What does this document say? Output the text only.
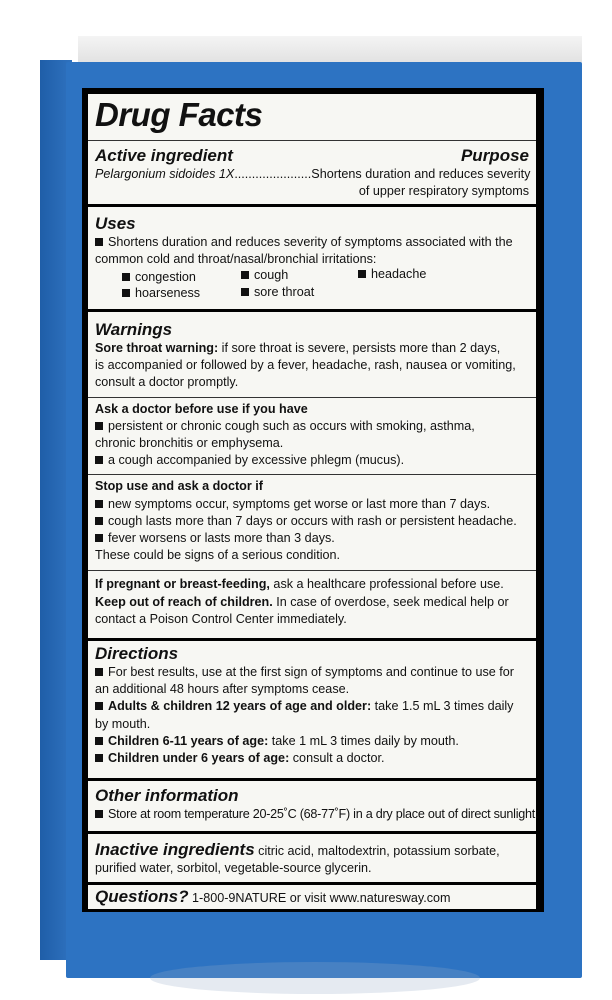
Drug Facts
Active ingredient	Purpose
Pelargonium sidoides 1X......................Shortens duration and reduces severity
of upper respiratory symptoms
Uses
Shortens duration and reduces severity of symptoms associated with the
common cold and throat/nasal/bronchial irritations:
congestion	cough	headache
hoarseness	sore throat
Warnings
Sore throat warning: if sore throat is severe, persists more than 2 days,
is accompanied or followed by a fever, headache, rash, nausea or vomiting,
consult a doctor promptly.
Ask a doctor before use if you have
persistent or chronic cough such as occurs with smoking, asthma,
chronic bronchitis or emphysema.
a cough accompanied by excessive phlegm (mucus).
Stop use and ask a doctor if
new symptoms occur, symptoms get worse or last more than 7 days.
cough lasts more than 7 days or occurs with rash or persistent headache.
fever worsens or lasts more than 3 days.
These could be signs of a serious condition.
If pregnant or breast-feeding, ask a healthcare professional before use.
Keep out of reach of children. In case of overdose, seek medical help or
contact a Poison Control Center immediately.
Directions
For best results, use at the first sign of symptoms and continue to use for
an additional 48 hours after symptoms cease.
Adults & children 12 years of age and older: take 1.5 mL 3 times daily
by mouth.
Children 6-11 years of age: take 1 mL 3 times daily by mouth.
Children under 6 years of age: consult a doctor.
Other information
Store at room temperature 20-25˚C (68-77˚F) in a dry place out of direct sunlight.
Inactive ingredients citric acid, maltodextrin, potassium sorbate,
purified water, sorbitol, vegetable-source glycerin.
Questions? 1-800-9NATURE or visit www.naturesway.com
